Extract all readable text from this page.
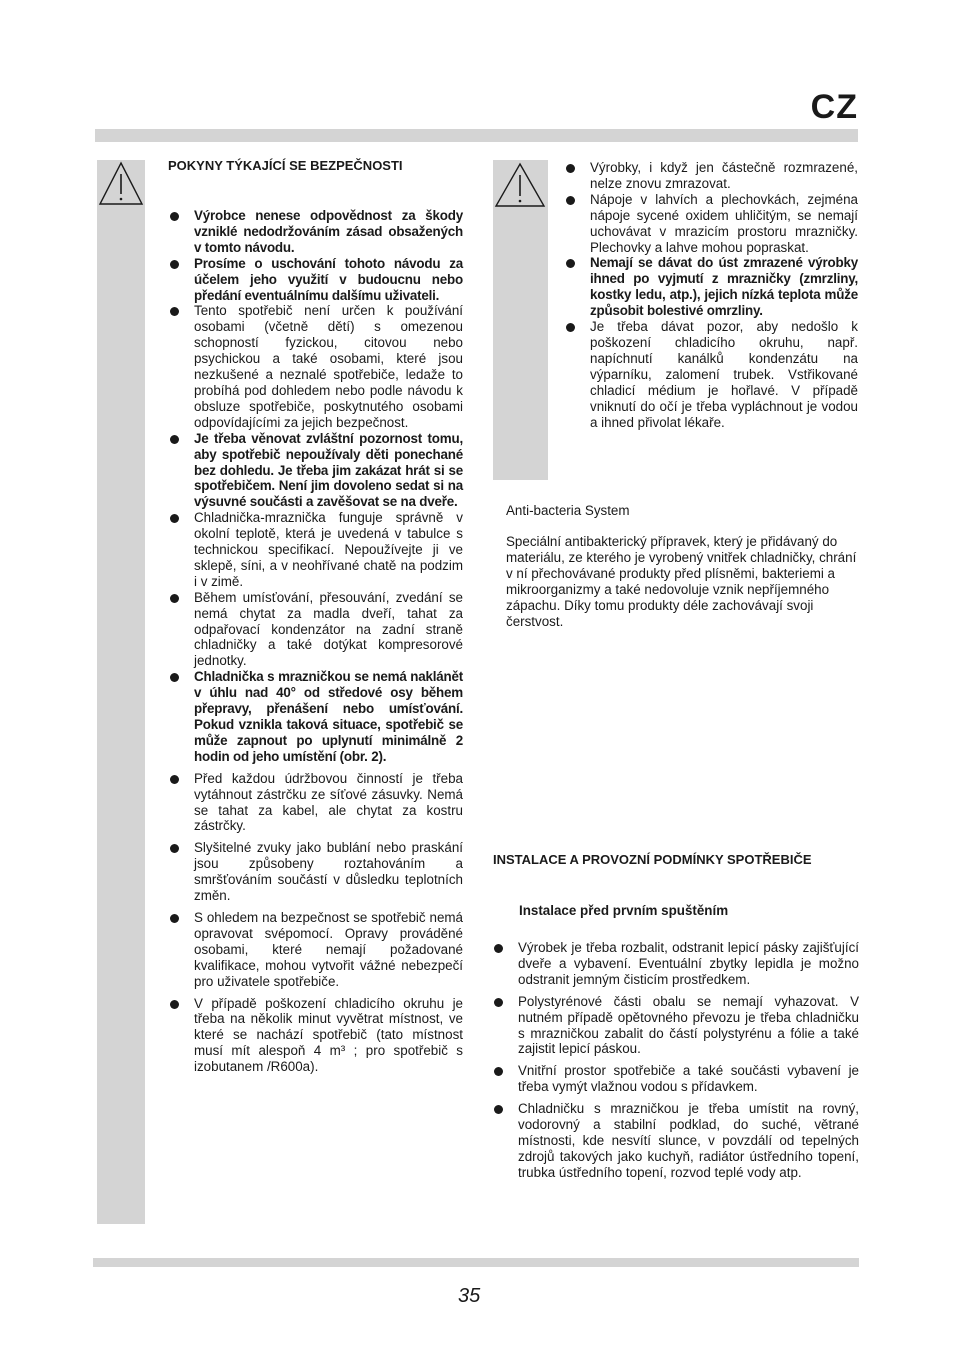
CZ
POKYNY TÝKAJÍCÍ SE BEZPEČNOSTI
Výrobce nenese odpovědnost za škody vzniklé nedodržováním zásad obsažených v tomto návodu.
Prosíme o uschování tohoto návodu za účelem jeho využití v budoucnu nebo předání eventuálnímu dalšímu uživateli.
Tento spotřebič není určen k používání osobami (včetně dětí) s omezenou schopností fyzickou, citovou nebo psychickou a také osobami, které jsou nezkušené a neznalé spotřebiče, ledaže to probíhá pod dohledem nebo podle návodu k obsluze spotřebiče, poskytnutého osobami odpovídajícími za jejich bezpečnost.
Je třeba věnovat zvláštní pozornost tomu, aby spotřebič nepoužívaly děti ponechané bez dohledu. Je třeba jim zakázat hrát si se spotřebičem. Není jim dovoleno sedat si na výsuvné součásti a zavěšovat se na dveře.
Chladnička-mraznička funguje správně v okolní teplotě, která je uvedená v tabulce s technickou specifikací. Nepoužívejte ji ve sklepě, síni, a v neohřívané chatě na podzim i v zimě.
Během umísťování, přesouvání, zvedání se nemá chytat za madla dveří, tahat za odpařovací kondenzátor na zadní straně chladničky a také dotýkat kompresorové jednotky.
Chladnička s mrazničkou se nemá naklánět v úhlu nad 40° od středové osy během přepravy, přenášení nebo umísťování. Pokud vznikla taková situace, spotřebič se může zapnout po uplynutí minimálně 2 hodin od jeho umístění (obr. 2).
Před každou údržbovou činností je třeba vytáhnout zástrčku ze síťové zásuvky. Nemá se tahat za kabel, ale chytat za kostru zástrčky.
Slyšitelné zvuky jako bublání nebo praskání jsou způsobeny roztahováním a smršťováním součástí v důsledku teplotních změn.
S ohledem na bezpečnost se spotřebič nemá opravovat svépomocí. Opravy prováděné osobami, které nemají požadované kvalifikace, mohou vytvořit vážné nebezpečí pro uživatele spotřebiče.
V případě poškození chladicího okruhu je třeba na několik minut vyvětrat místnost, ve které se nachází spotřebič (tato místnost musí mít alespoň 4 m³ ; pro spotřebič s izobutanem /R600a).
Výrobky, i když jen částečně rozmrazené, nelze znovu zmrazovat.
Nápoje v lahvích a plechovkách, zejména nápoje sycené oxidem uhličitým, se nemají uchovávat v mrazicím prostoru mrazničky. Plechovky a lahve mohou popraskat.
Nemají se dávat do úst zmrazené výrobky ihned po vyjmutí z mrazničky (zmrzliny, kostky ledu, atp.), jejich nízká teplota může způsobit bolestivé omrzliny.
Je třeba dávat pozor, aby nedošlo k poškození chladicího okruhu, např. napíchnutí kanálků kondenzátu na výparníku, zalomení trubek. Vstřikované chladicí médium je hořlavé. V případě vniknutí do očí je třeba vypláchnout je vodou a ihned přivolat lékaře.
Anti-bacteria System
Speciální antibakterický přípravek, který je přidávaný do materiálu, ze kterého je vyrobený vnitřek chladničky, chrání v ní přechovávané produkty před plísněmi, bakteriemi a mikroorganizmy a také nedovoluje vznik nepříjemného zápachu. Díky tomu produkty déle zachovávají svoji čerstvost.
INSTALACE A PROVOZNÍ PODMÍNKY SPOTŘEBIČE
Instalace před prvním spuštěním
Výrobek je třeba rozbalit, odstranit lepicí pásky zajišťující dveře a vybavení. Eventuální zbytky lepidla je možno odstranit jemným čisticím prostředkem.
Polystyrénové části obalu se nemají vyhazovat. V nutném případě opětovného převozu je třeba chladničku s mrazničkou zabalit do částí polystyrénu a fólie a také zajistit lepicí páskou.
Vnitřní prostor spotřebiče a také součásti vybavení je třeba vymýt vlažnou vodou s přídavkem.
Chladničku s mrazničkou je třeba umístit na rovný, vodorovný a stabilní podklad, do suché, větrané místnosti, kde nesvítí slunce, v povzdálí od tepelných zdrojů takových jako kuchyň, radiátor ústředního topení, trubka ústředního topení, rozvod teplé vody atp.
35
